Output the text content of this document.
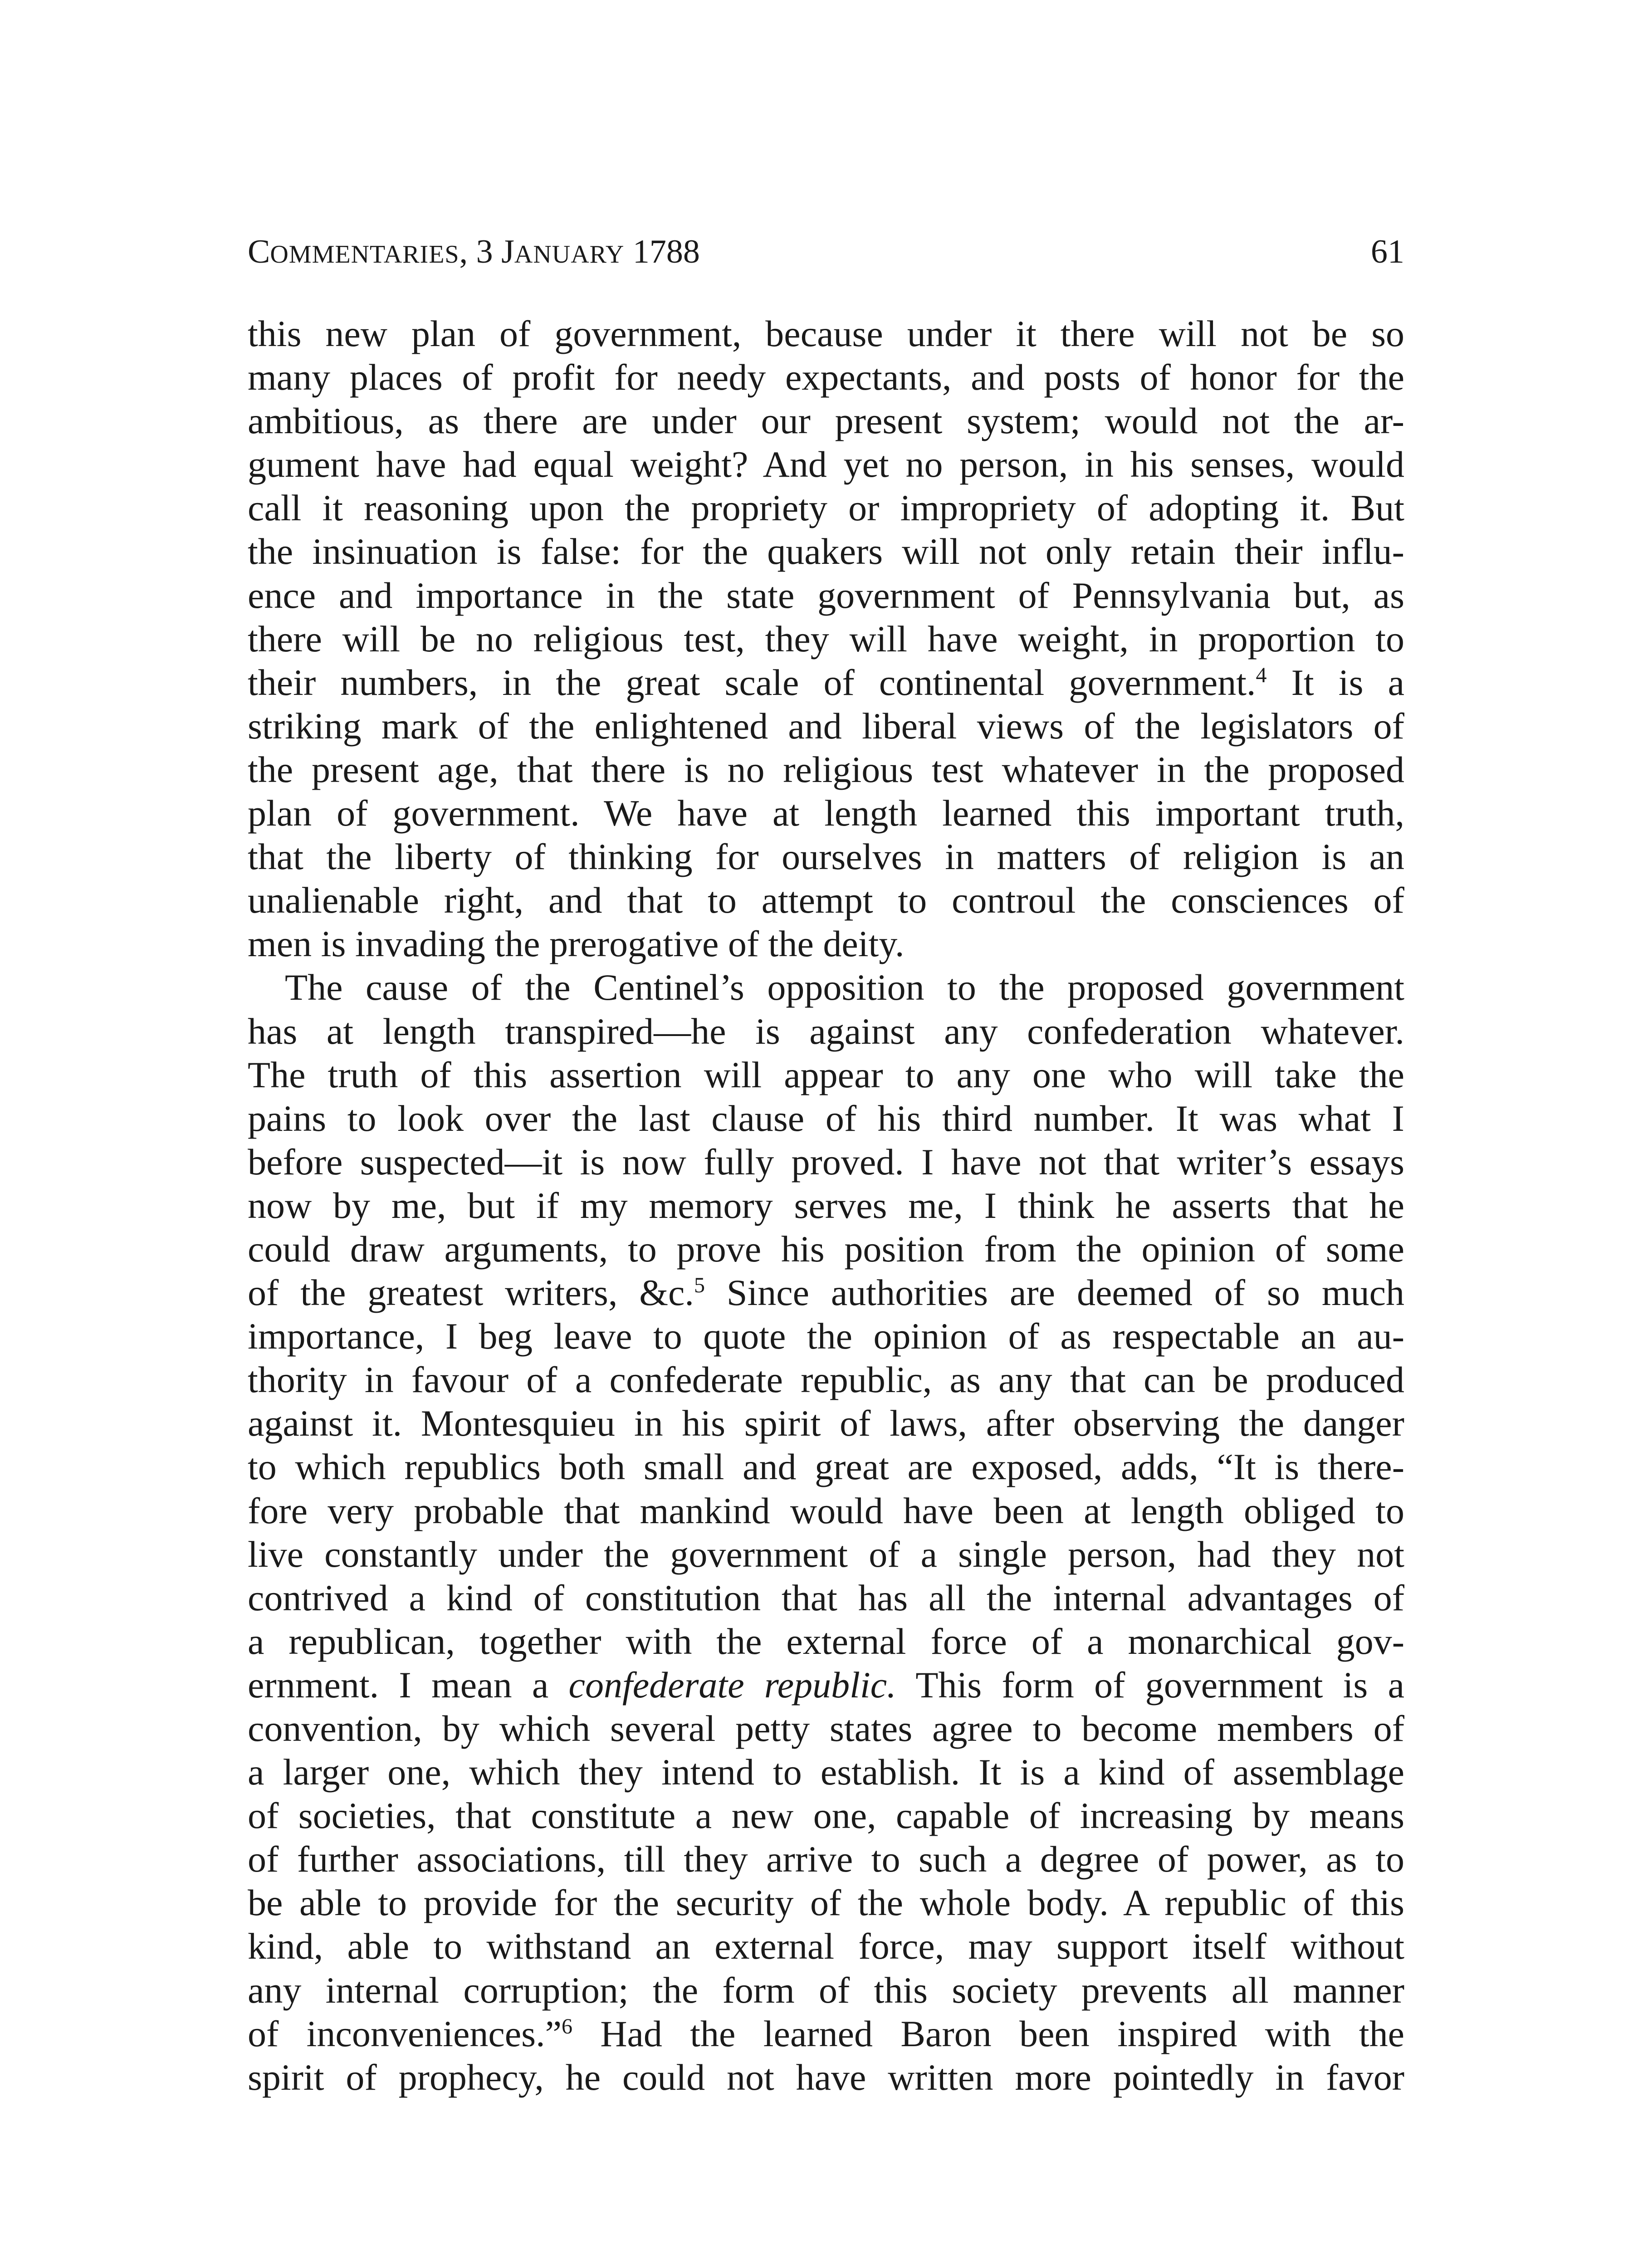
COMMENTARIES, 3 JANUARY 1788	61
this new plan of government, because under it there will not be so
many places of profit for needy expectants, and posts of honor for the
ambitious, as there are under our present system; would not the ar-
gument have had equal weight? And yet no person, in his senses, would
call it reasoning upon the propriety or impropriety of adopting it. But
the insinuation is false: for the quakers will not only retain their influ-
ence and importance in the state government of Pennsylvania but, as
there will be no religious test, they will have weight, in proportion to
their numbers, in the great scale of continental government.$^4$ It is a
striking mark of the enlightened and liberal views of the legislators of
the present age, that there is no religious test whatever in the proposed
plan of government. We have at length learned this important truth,
that the liberty of thinking for ourselves in matters of religion is an
unalienable right, and that to attempt to controul the consciences of
men is invading the prerogative of the deity.
The cause of the Centinel’s opposition to the proposed government
has at length transpired—he is against any confederation whatever.
The truth of this assertion will appear to any one who will take the
pains to look over the last clause of his third number. It was what I
before suspected—it is now fully proved. I have not that writer’s essays
now by me, but if my memory serves me, I think he asserts that he
could draw arguments, to prove his position from the opinion of some
of the greatest writers, &c.$^5$ Since authorities are deemed of so much
importance, I beg leave to quote the opinion of as respectable an au-
thority in favour of a confederate republic, as any that can be produced
against it. Montesquieu in his spirit of laws, after observing the danger
to which republics both small and great are exposed, adds, “It is there-
fore very probable that mankind would have been at length obliged to
live constantly under the government of a single person, had they not
contrived a kind of constitution that has all the internal advantages of
a republican, together with the external force of a monarchical gov-
ernment. I mean a confederate republic. This form of government is a
convention, by which several petty states agree to become members of
a larger one, which they intend to establish. It is a kind of assemblage
of societies, that constitute a new one, capable of increasing by means
of further associations, till they arrive to such a degree of power, as to
be able to provide for the security of the whole body. A republic of this
kind, able to withstand an external force, may support itself without
any internal corruption; the form of this society prevents all manner
of inconveniences.”$^6$ Had the learned Baron been inspired with the
spirit of prophecy, he could not have written more pointedly in favor
